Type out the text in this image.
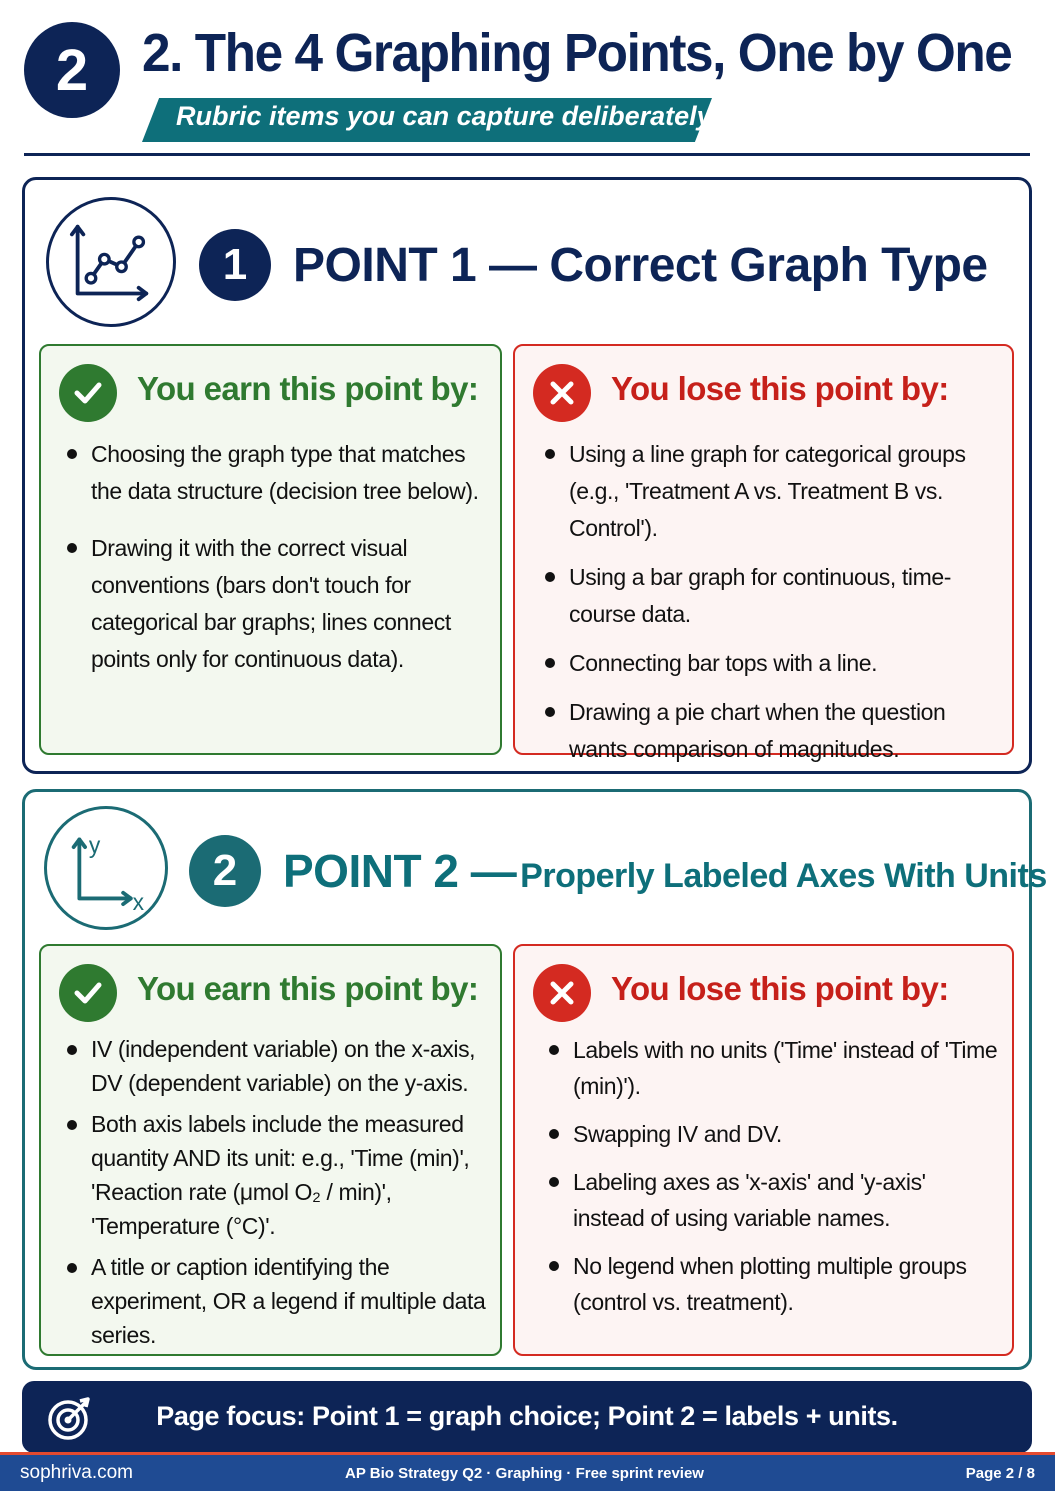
2 2. The 4 Graphing Points, One by One
Rubric items you can capture deliberately
1 POINT 1 — Correct Graph Type
You earn this point by:
Choosing the graph type that matches the data structure (decision tree below).
Drawing it with the correct visual conventions (bars don't touch for categorical bar graphs; lines connect points only for continuous data).
You lose this point by:
Using a line graph for categorical groups (e.g., 'Treatment A vs. Treatment B vs. Control').
Using a bar graph for continuous, time-course data.
Connecting bar tops with a line.
Drawing a pie chart when the question wants comparison of magnitudes.
y
x
2 POINT 2 — Properly Labeled Axes With Units
You earn this point by:
IV (independent variable) on the x-axis, DV (dependent variable) on the y-axis.
Both axis labels include the measured quantity AND its unit: e.g., 'Time (min)', 'Reaction rate (μmol O₂ / min)', 'Temperature (°C)'.
A title or caption identifying the experiment, OR a legend if multiple data series.
You lose this point by:
Labels with no units ('Time' instead of 'Time (min)').
Swapping IV and DV.
Labeling axes as 'x-axis' and 'y-axis' instead of using variable names.
No legend when plotting multiple groups (control vs. treatment).
Page focus: Point 1 = graph choice; Point 2 = labels + units.
sophriva.com	AP Bio Strategy Q2 · Graphing · Free sprint review	Page 2 / 8
